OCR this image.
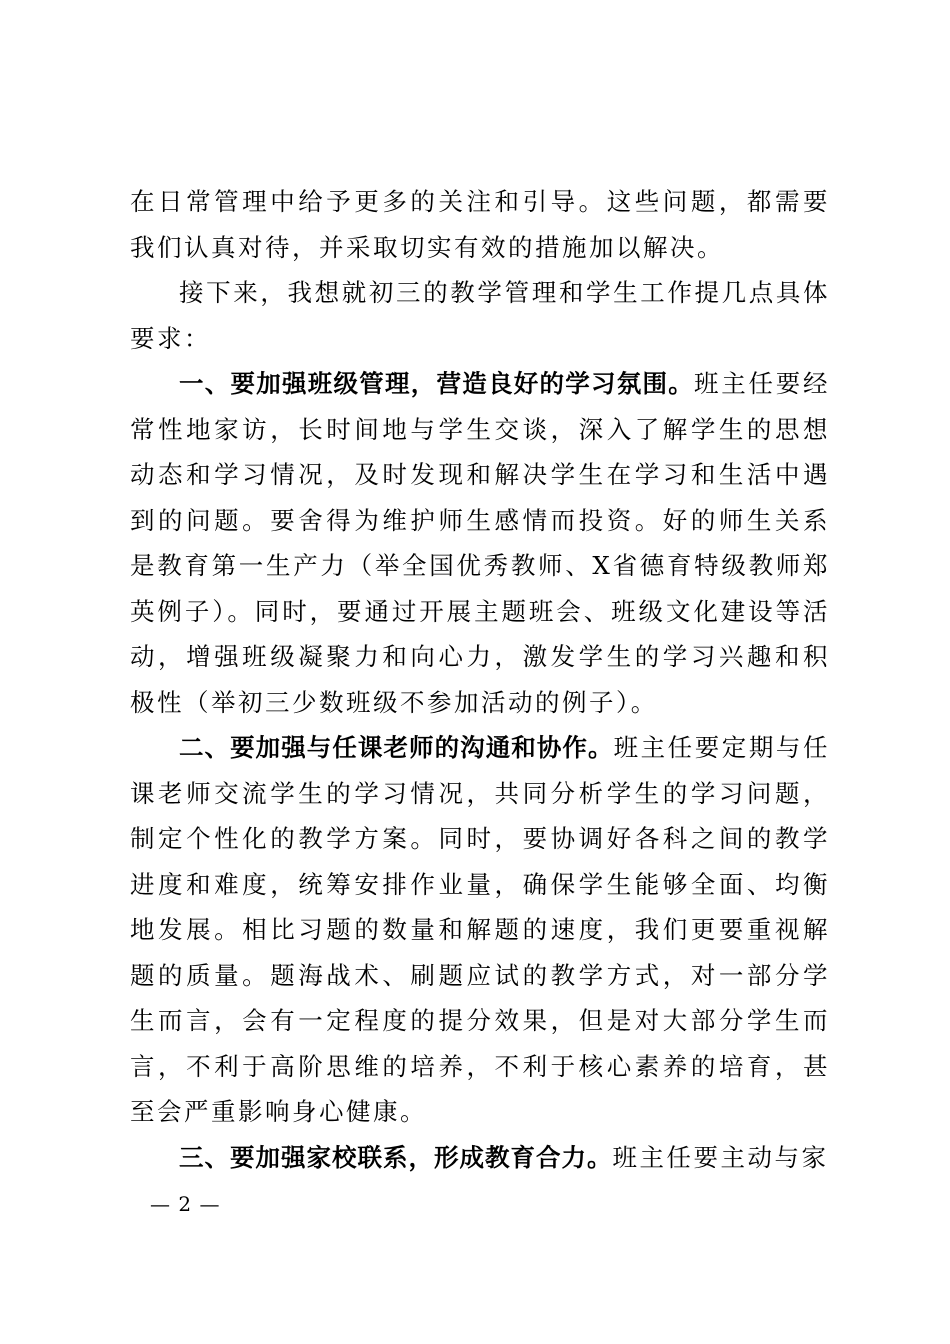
在日常管理中给予更多的关注和引导。这些问题，都需要我们认真对待，并采取切实有效的措施加以解决。

接下来，我想就初三的教学管理和学生工作提几点具体要求：

一、要加强班级管理，营造良好的学习氛围。班主任要经常性地家访，长时间地与学生交谈，深入了解学生的思想动态和学习情况，及时发现和解决学生在学习和生活中遇到的问题。要舍得为维护师生感情而投资。好的师生关系是教育第一生产力（举全国优秀教师、X省德育特级教师郑英例子）。同时，要通过开展主题班会、班级文化建设等活动，增强班级凝聚力和向心力，激发学生的学习兴趣和积极性（举初三少数班级不参加活动的例子）。

二、要加强与任课老师的沟通和协作。班主任要定期与任课老师交流学生的学习情况，共同分析学生的学习问题，制定个性化的教学方案。同时，要协调好各科之间的教学进度和难度，统筹安排作业量，确保学生能够全面、均衡地发展。相比习题的数量和解题的速度，我们更要重视解题的质量。题海战术、刷题应试的教学方式，对一部分学生而言，会有一定程度的提分效果，但是对大部分学生而言，不利于高阶思维的培养，不利于核心素养的培育，甚至会严重影响身心健康。

三、要加强家校联系，形成教育合力。班主任要主动与家

— 2 —
